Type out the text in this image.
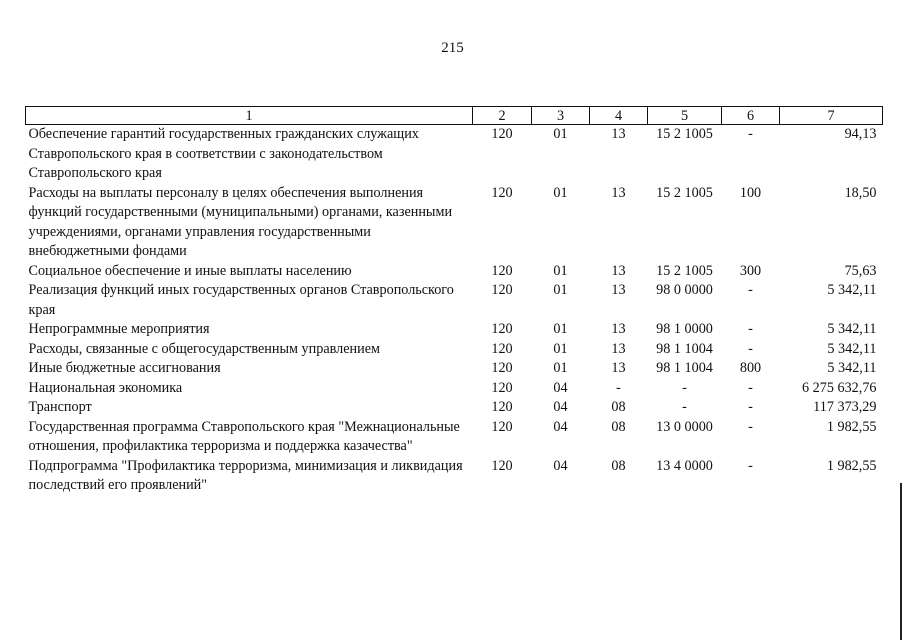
215
1	2	3	4	5	6	7
Обеспечение гарантий государственных гражданских служащих Ставропольского края в соответствии с законодательством Ставропольского края	120	01	13	15 2 1005	-	94,13
Расходы на выплаты персоналу в целях обеспечения выполнения функций государственными (муниципальными) органами, казенными учреждениями, органами управления государственными внебюджетными фондами	120	01	13	15 2 1005	100	18,50
Социальное обеспечение и иные выплаты населению	120	01	13	15 2 1005	300	75,63
Реализация функций иных государственных органов Ставропольского края	120	01	13	98 0 0000	-	5 342,11
Непрограммные мероприятия	120	01	13	98 1 0000	-	5 342,11
Расходы, связанные с общегосударственным управлением	120	01	13	98 1 1004	-	5 342,11
Иные бюджетные ассигнования	120	01	13	98 1 1004	800	5 342,11
Национальная экономика	120	04	-	-	-	6 275 632,76
Транспорт	120	04	08	-	-	117 373,29
Государственная программа Ставропольского края "Межнациональные отношения, профилактика терроризма и поддержка казачества"	120	04	08	13 0 0000	-	1 982,55
Подпрограмма "Профилактика терроризма, минимизация и ликвидация последствий его проявлений"	120	04	08	13 4 0000	-	1 982,55
